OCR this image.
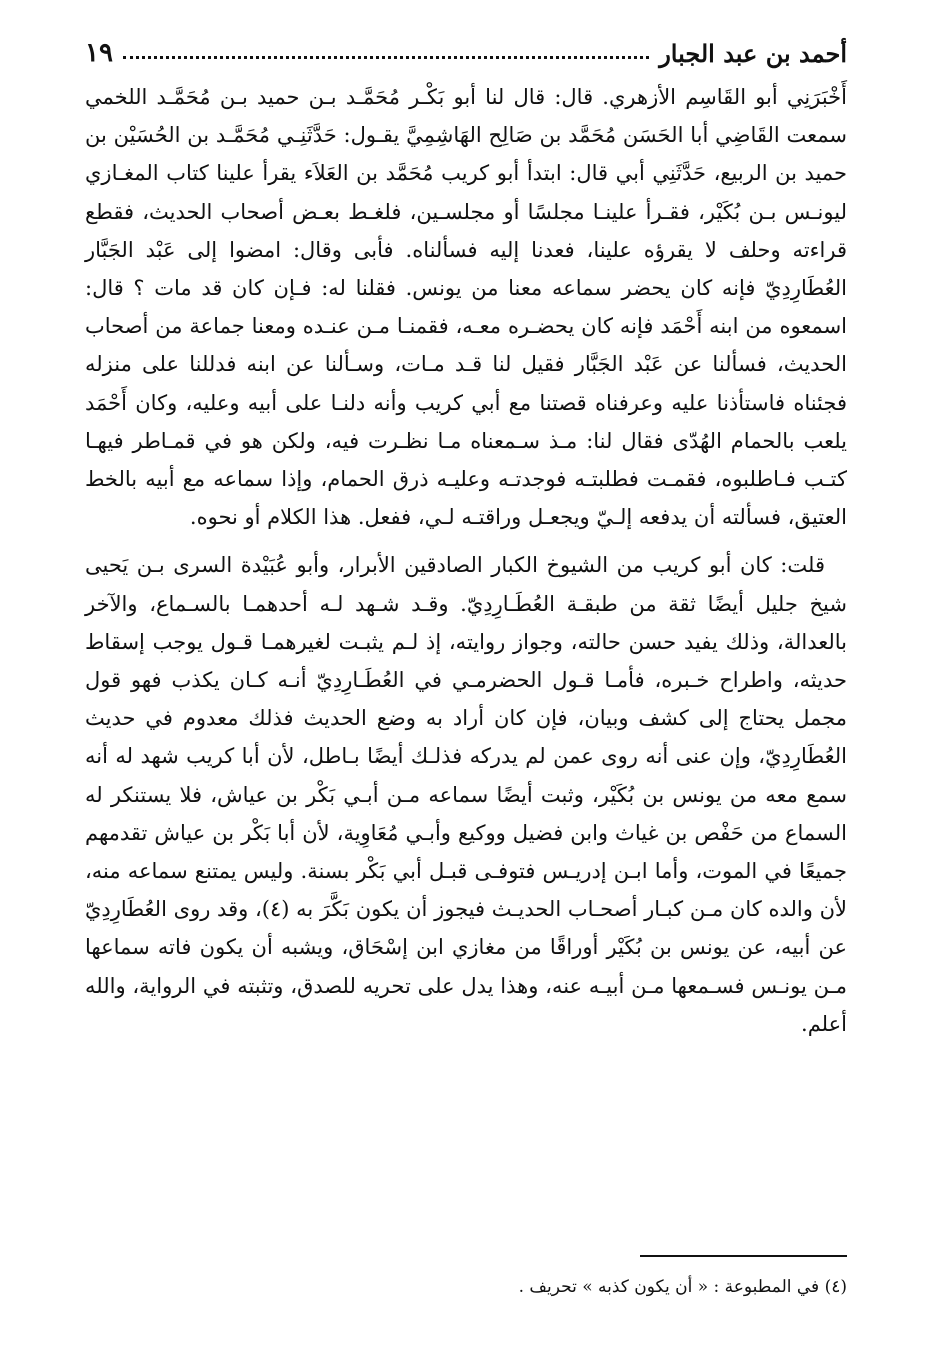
أحمد بن عبد الجبار
١٩

أَخْبَرَنِي أبو القَاسِم الأزهري. قال: قال لنا أبو بَكْـر مُحَمَّـد بـن حميد بـن مُحَمَّـد اللخمي سمعت القَاضِي أبا الحَسَن مُحَمَّد بن صَالِح الهَاشِمِيَّ يقـول: حَدَّثَنِـي مُحَمَّـد بن الحُسَيْن بن حميد بن الربيع، حَدَّثَنِي أبي قال: ابتدأ أبو كريب مُحَمَّد بن العَلاَء يقرأ علينا كتاب المغـازي ليونـس بـن بُكَيْر، فقـرأ علينـا مجلسًا أو مجلسـين، فلغـط بعـض أصحاب الحديث، فقطع قراءته وحلف لا يقرؤه علينا، فعدنا إليه فسألناه. فأبى وقال: امضوا إلى عَبْد الجَبَّار العُطَارِدِيّ فإنه كان يحضر سماعه معنا من يونس. فقلنا له: فـإن كان قد مات ؟ قال: اسمعوه من ابنه أَحْمَد فإنه كان يحضـره معـه، فقمنـا مـن عنـده ومعنا جماعة من أصحاب الحديث، فسألنا عن عَبْد الجَبَّار فقيل لنا قـد مـات، وسـألنا عن ابنه فدللنا على منزله فجئناه فاستأذنا عليه وعرفناه قصتنا مع أبي كريب وأنه دلنـا على أبيه وعليه، وكان أَحْمَد يلعب بالحمام الهُدّى فقال لنا: مـذ سـمعناه مـا نظـرت فيه، ولكن هو في قمـاطر فيهـا كتـب فـاطلبوه، فقمـت فطلبتـه فوجدتـه وعليـه ذرق الحمام، وإذا سماعه مع أبيه بالخط العتيق، فسألته أن يدفعه إلـيّ ويجعـل وراقتـه لـي، ففعل. هذا الكلام أو نحوه.

قلت: كان أبو كريب من الشيوخ الكبار الصادقين الأبرار، وأبو عُبَيْدة السرى بـن يَحيى شيخ جليل أيضًا ثقة من طبقـة العُطَـارِدِيّ. وقـد شـهد لـه أحدهمـا بالسـماع، والآخر بالعدالة، وذلك يفيد حسن حالته، وجواز روايته، إذ لـم يثبـت لغيرهمـا قـول يوجب إسقاط حديثه، واطراح خـبره، فأمـا قـول الحضرمـي في العُطَـارِدِيّ أنـه كـان يكذب فهو قول مجمل يحتاج إلى كشف وبيان، فإن كان أراد به وضع الحديث فذلك معدوم في حديث العُطَارِدِيّ، وإن عنى أنه روى عمن لم يدركه فذلـك أيضًا بـاطل، لأن أبا كريب شهد له أنه سمع معه من يونس بن بُكَيْر، وثبت أيضًا سماعه مـن أبـي بَكْر بن عياش، فلا يستنكر له السماع من حَفْص بن غياث وابن فضيل ووكيع وأبـي مُعَاوِية، لأن أبا بَكْر بن عياش تقدمهم جميعًا في الموت، وأما ابـن إدريـس فتوفـى قبـل أبي بَكْر بسنة. وليس يمتنع سماعه منه، لأن والده كان مـن كبـار أصحـاب الحديـث فيجوز أن يكون بَكَّرَ به (٤)، وقد روى العُطَارِدِيّ عن أبيه، عن يونس بن بُكَيْر أوراقًا من مغازي ابن إسْحَاق، ويشبه أن يكون فاته سماعها مـن يونـس فسـمعها مـن أبيـه عنه، وهذا يدل على تحريه للصدق، وتثبته في الرواية، والله أعلم.

(٤) في المطبوعة : « أن يكون كذبه » تحريف .
